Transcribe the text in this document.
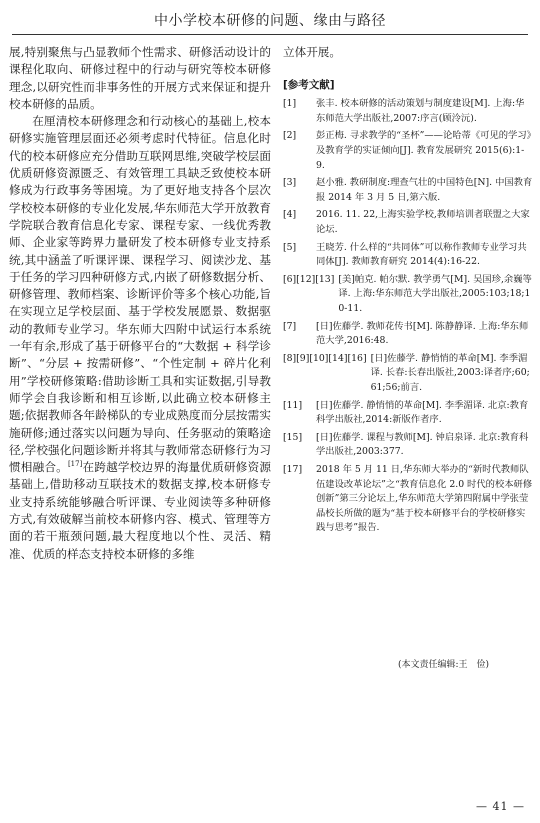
中小学校本研修的问题、缘由与路径

展,特别聚焦与凸显教师个性需求、研修活动设计的课程化取向、研修过程中的行动与研究等校本研修理念,以研究性而非事务性的开展方式来保证和提升校本研修的品质。

在厘清校本研修理念和行动核心的基础上,校本研修实施管理层面还必须考虑时代特征。信息化时代的校本研修应充分借助互联网思维,突破学校层面优质研修资源匮乏、有效管理工具缺乏致使校本研修成为行政事务等困境。为了更好地支持各个层次学校校本研修的专业化发展,华东师范大学开放教育学院联合教育信息化专家、课程专家、一线优秀教师、企业家等跨界力量研发了校本研修专业支持系统,其中涵盖了听课评课、课程学习、阅读沙龙、基于任务的学习四种研修方式,内嵌了研修数据分析、研修管理、教师档案、诊断评价等多个核心功能,旨在实现立足学校层面、基于学校发展愿景、数据驱动的教师专业学习。华东师大四附中试运行本系统一年有余,形成了基于研修平台的“大数据 + 科学诊断”、“分层 + 按需研修”、“个性定制 + 碎片化利用”学校研修策略:借助诊断工具和实证数据,引导教师学会自我诊断和相互诊断,以此确立校本研修主题;依据教师各年龄梯队的专业成熟度而分层按需实施研修;通过落实以问题为导向、任务驱动的策略途径,学校强化问题诊断并将其与教师常态研修行为习惯相融合。[17]在跨越学校边界的海量优质研修资源基础上,借助移动互联技术的数据支撑,校本研修专业支持系统能够融合听评课、专业阅读等多种研修方式,有效破解当前校本研修内容、模式、管理等方面的若干瓶颈问题,最大程度地以个性、灵活、精准、优质的样态支持校本研修的多维

立体开展。

[参考文献]
[1]	张丰. 校本研修的活动策划与制度建设[M]. 上海:华东师范大学出版社,2007:序言(顾泠沅).
[2]	彭正梅. 寻求教学的“圣杯”——论哈蒂《可见的学习》及教育学的实证倾向[J]. 教育发展研究 2015(6):1-9.
[3]	赵小雅. 教研制度:理查气壮的中国特色[N]. 中国教育报 2014 年 3 月 5 日,第六版.
[4]	2016. 11. 22,上海实验学校,教师培训者联盟之大家论坛.
[5]	王晓芳. 什么样的“共同体”可以称作教师专业学习共同体[J]. 教师教育研究 2014(4):16-22.
[6][12][13] [美]帕克. 帕尔默. 教学勇气[M]. 吴国珍,余巍等译. 上海:华东师范大学出版社,2005:103;18;10-11.
[7]	[日]佐藤学. 教师花传书[M]. 陈静静译. 上海:华东师范大学,2016:48.
[8][9][10][14][16] [日]佐藤学. 静悄悄的革命[M]. 李季湄译. 长春:长春出版社,2003:译者序;60;61;56;前言.
[11]	[日]佐藤学. 静悄悄的革命[M]. 李季湄译. 北京:教育科学出版社,2014:新版作者序.
[15]	[日]佐藤学. 课程与教师[M]. 钟启泉译. 北京:教育科学出版社,2003:377.
[17]	2018 年 5 月 11 日,华东师大举办的“新时代教师队伍建设改革论坛”之“教育信息化 2.0 时代的校本研修创新”第三分论坛上,华东师范大学第四附属中学张莹晶校长所做的题为“基于校本研修平台的学校研修实践与思考”报告.
(本文责任编辑:王　俭)
— 41 —
